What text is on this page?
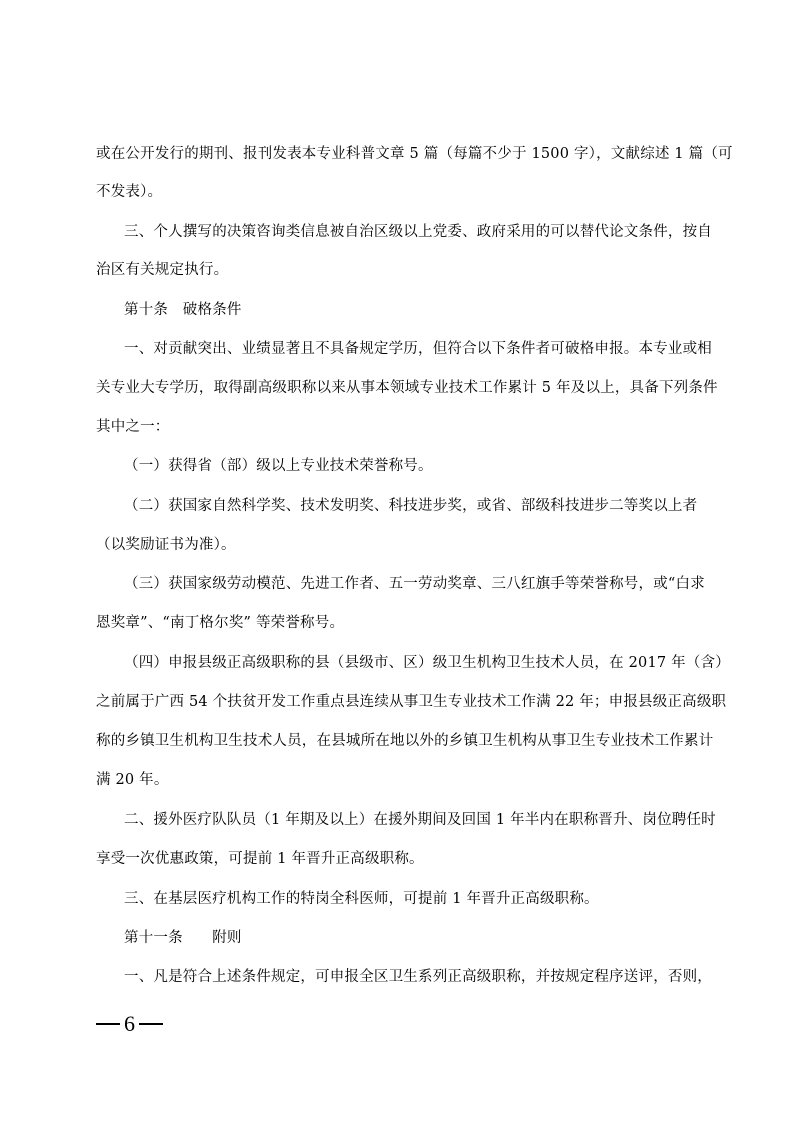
或在公开发行的期刊、报刊发表本专业科普文章 5 篇（每篇不少于 1500 字），文献综述 1 篇（可
不发表）。
三、个人撰写的决策咨询类信息被自治区级以上党委、政府采用的可以替代论文条件，按自
治区有关规定执行。
第十条　破格条件
一、对贡献突出、业绩显著且不具备规定学历，但符合以下条件者可破格申报。本专业或相
关专业大专学历，取得副高级职称以来从事本领域专业技术工作累计 5 年及以上，具备下列条件
其中之一：
（一）获得省（部）级以上专业技术荣誉称号。
（二）获国家自然科学奖、技术发明奖、科技进步奖，或省、部级科技进步二等奖以上者
（以奖励证书为准）。
（三）获国家级劳动模范、先进工作者、五一劳动奖章、三八红旗手等荣誉称号，或“白求
恩奖章”、“南丁格尔奖” 等荣誉称号。
（四）申报县级正高级职称的县（县级市、区）级卫生机构卫生技术人员，在 2017 年（含）
之前属于广西 54 个扶贫开发工作重点县连续从事卫生专业技术工作满 22 年；申报县级正高级职
称的乡镇卫生机构卫生技术人员，在县城所在地以外的乡镇卫生机构从事卫生专业技术工作累计
满 20 年。
二、援外医疗队队员（1 年期及以上）在援外期间及回国 1 年半内在职称晋升、岗位聘任时
享受一次优惠政策，可提前 1 年晋升正高级职称。
三、在基层医疗机构工作的特岗全科医师，可提前 1 年晋升正高级职称。
第十一条　　附则
一、凡是符合上述条件规定，可申报全区卫生系列正高级职称，并按规定程序送评，否则，
6
